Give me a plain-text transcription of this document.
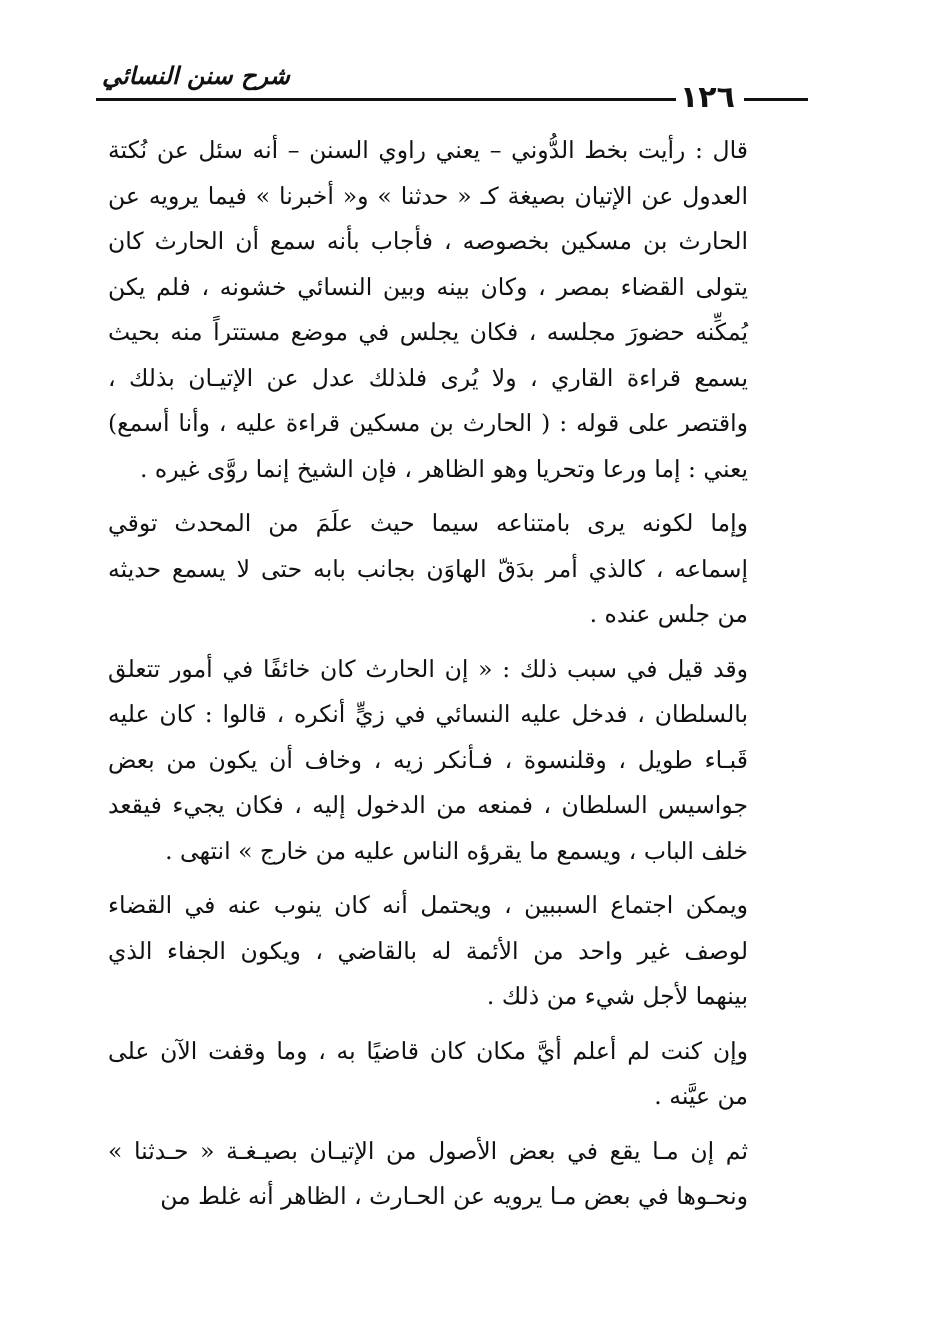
شرح سنن النسائي
١٢٦
قال : رأيت بخط الدُّوني – يعني راوي السنن – أنه سئل عن نُكتة
العدول عن الإتيان بصيغة كـ « حدثنا » و« أخبرنا » فيما يرويه عن
الحارث بن مسكين بخصوصه ، فأجاب بأنه سمع أن الحارث كان
يتولى القضاء بمصر ، وكان بينه وبين النسائي خشونه ، فلم يكن
يُمكِّنه حضورَ مجلسه ، فكان يجلس في موضع مستتراً منه بحيث
يسمع قراءة القاري ، ولا يُرى فلذلك عدل عن الإتيـان بذلك ،
واقتصر على قوله : ( الحارث بن مسكين قراءة عليه ، وأنا أسمع)
يعني : إما ورعا وتحريا وهو الظاهر ، فإن الشيخ إنما روَّى غيره .
وإما لكونه يرى بامتناعه سيما حيث علَمَ من المحدث توقي
إسماعه ، كالذي أمر بدَقّ الهاوَن بجانب بابه حتى لا يسمع حديثه
من جلس عنده .
وقد قيل في سبب ذلك : « إن الحارث كان خائفًا في أمور تتعلق
بالسلطان ، فدخل عليه النسائي في زيٍّ أنكره ، قالوا : كان عليه
قَبـاء طويل ، وقلنسوة ، فـأنكر زيه ، وخاف أن يكون من بعض
جواسيس السلطان ، فمنعه من الدخول إليه ، فكان يجيء فيقعد
خلف الباب ، ويسمع ما يقرؤه الناس عليه من خارج » انتهى .
ويمكن اجتماع السببين ، ويحتمل أنه كان ينوب عنه في القضاء
لوصف غير واحد من الأئمة له بالقاضي ، ويكون الجفاء الذي
بينهما لأجل شيء من ذلك .
وإن كنت لم أعلم أيَّ مكان كان قاضيًا به ، وما وقفت الآن على
من عيَّنه .
ثم إن مـا يقع في بعض الأصول من الإتيـان بصيـغـة « حـدثنا »
ونحـوها في بعض مـا يرويه عن الحـارث ، الظاهر أنه غلط من
